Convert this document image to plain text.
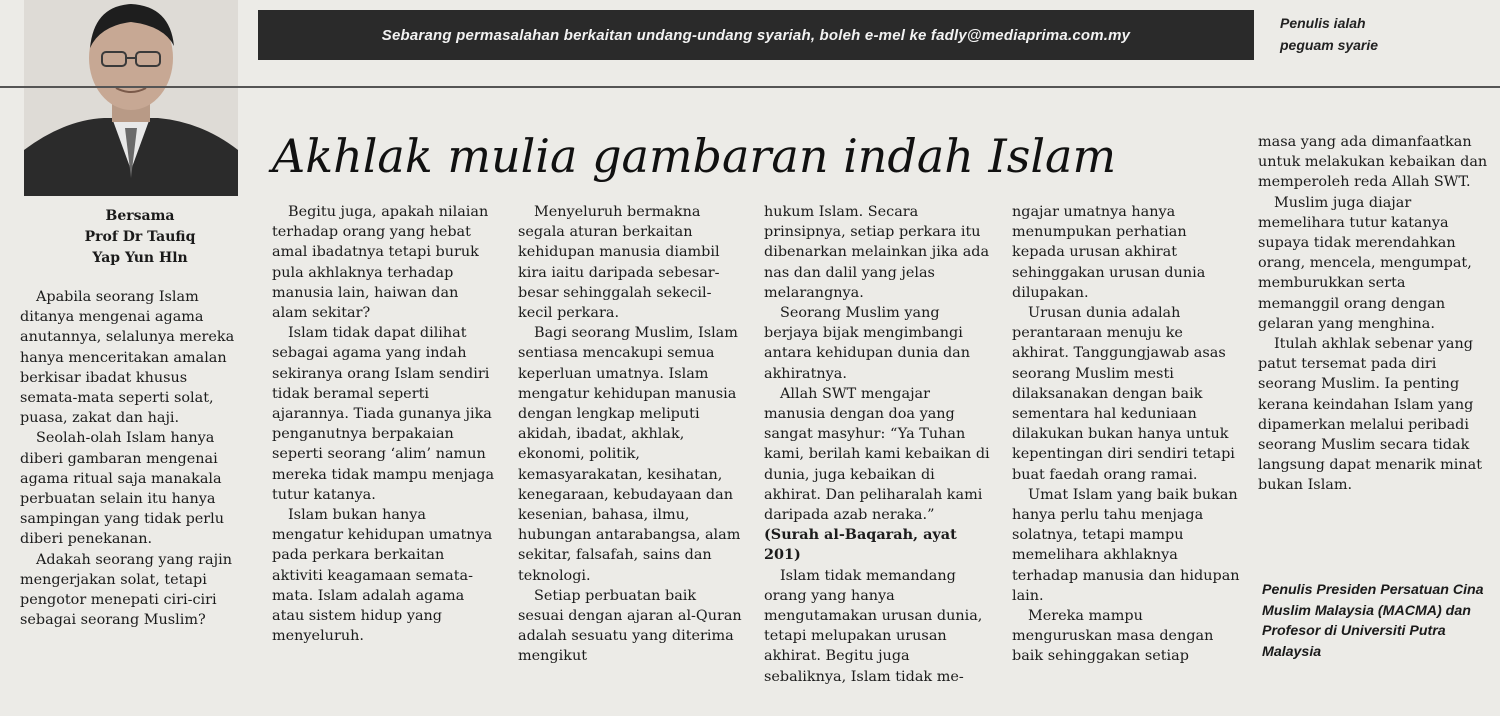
Sebarang permasalahan berkaitan undang-undang syariah, boleh e-mel ke fadly@mediaprima.com.my
Penulis ialah
peguam syarie
Bersama
Prof Dr Taufiq
Yap Yun Hln
Akhlak mulia gambaran indah Islam

Apabila seorang Islam ditanya mengenai agama anutannya, selalunya mereka hanya menceritakan amalan berkisar ibadat khusus semata-mata seperti solat, puasa, zakat dan haji.

Seolah-olah Islam hanya diberi gambaran mengenai agama ritual saja manakala perbuatan selain itu hanya sampingan yang tidak perlu diberi penekanan.

Adakah seorang yang rajin mengerjakan solat, tetapi pengotor menepati ciri-ciri sebagai seorang Muslim?

Begitu juga, apakah nilaian terhadap orang yang hebat amal ibadatnya tetapi buruk pula akhlaknya terhadap manusia lain, haiwan dan alam sekitar?

Islam tidak dapat dilihat sebagai agama yang indah sekiranya orang Islam sendiri tidak beramal seperti ajarannya. Tiada gunanya jika penganutnya berpakaian seperti seorang ‘alim’ namun mereka tidak mampu menjaga tutur katanya.

Islam bukan hanya mengatur kehidupan umatnya pada perkara berkaitan aktiviti keagamaan semata-mata. Islam adalah agama atau sistem hidup yang menyeluruh.

Menyeluruh bermakna segala aturan berkaitan kehidupan manusia diambil kira iaitu daripada sebesar-besar sehinggalah sekecil-kecil perkara.

Bagi seorang Muslim, Islam sentiasa mencakupi semua keperluan umatnya. Islam mengatur kehidupan manusia dengan lengkap meliputi akidah, ibadat, akhlak, ekonomi, politik, kemasyarakatan, kesihatan, kenegaraan, kebudayaan dan kesenian, bahasa, ilmu, hubungan antarabangsa, alam sekitar, falsafah, sains dan teknologi.

Setiap perbuatan baik sesuai dengan ajaran al-Quran adalah sesuatu yang diterima mengikut

hukum Islam. Secara prinsipnya, setiap perkara itu dibenarkan melainkan jika ada nas dan dalil yang jelas melarangnya.

Seorang Muslim yang berjaya bijak mengimbangi antara kehidupan dunia dan akhiratnya.

Allah SWT mengajar manusia dengan doa yang sangat masyhur: “Ya Tuhan kami, berilah kami kebaikan di dunia, juga kebaikan di akhirat. Dan peliharalah kami daripada azab neraka.” (Surah al-Baqarah, ayat 201)

Islam tidak memandang orang yang hanya mengutamakan urusan dunia, tetapi melupakan urusan akhirat. Begitu juga sebaliknya, Islam tidak me-

ngajar umatnya hanya menumpukan perhatian kepada urusan akhirat sehinggakan urusan dunia dilupakan.

Urusan dunia adalah perantaraan menuju ke akhirat. Tanggungjawab asas seorang Muslim mesti dilaksanakan dengan baik sementara hal keduniaan dilakukan bukan hanya untuk kepentingan diri sendiri tetapi buat faedah orang ramai.

Umat Islam yang baik bukan hanya perlu tahu menjaga solatnya, tetapi mampu memelihara akhlaknya terhadap manusia dan hidupan lain.

Mereka mampu menguruskan masa dengan baik sehinggakan setiap

masa yang ada dimanfaatkan untuk melakukan kebaikan dan memperoleh reda Allah SWT.

Muslim juga diajar memelihara tutur katanya supaya tidak merendahkan orang, mencela, mengumpat, memburukkan serta memanggil orang dengan gelaran yang menghina.

Itulah akhlak sebenar yang patut tersemat pada diri seorang Muslim. Ia penting kerana keindahan Islam yang dipamerkan melalui peribadi seorang Muslim secara tidak langsung dapat menarik minat bukan Islam.

Penulis Presiden Persatuan Cina Muslim Malaysia (MACMA) dan Profesor di Universiti Putra Malaysia
